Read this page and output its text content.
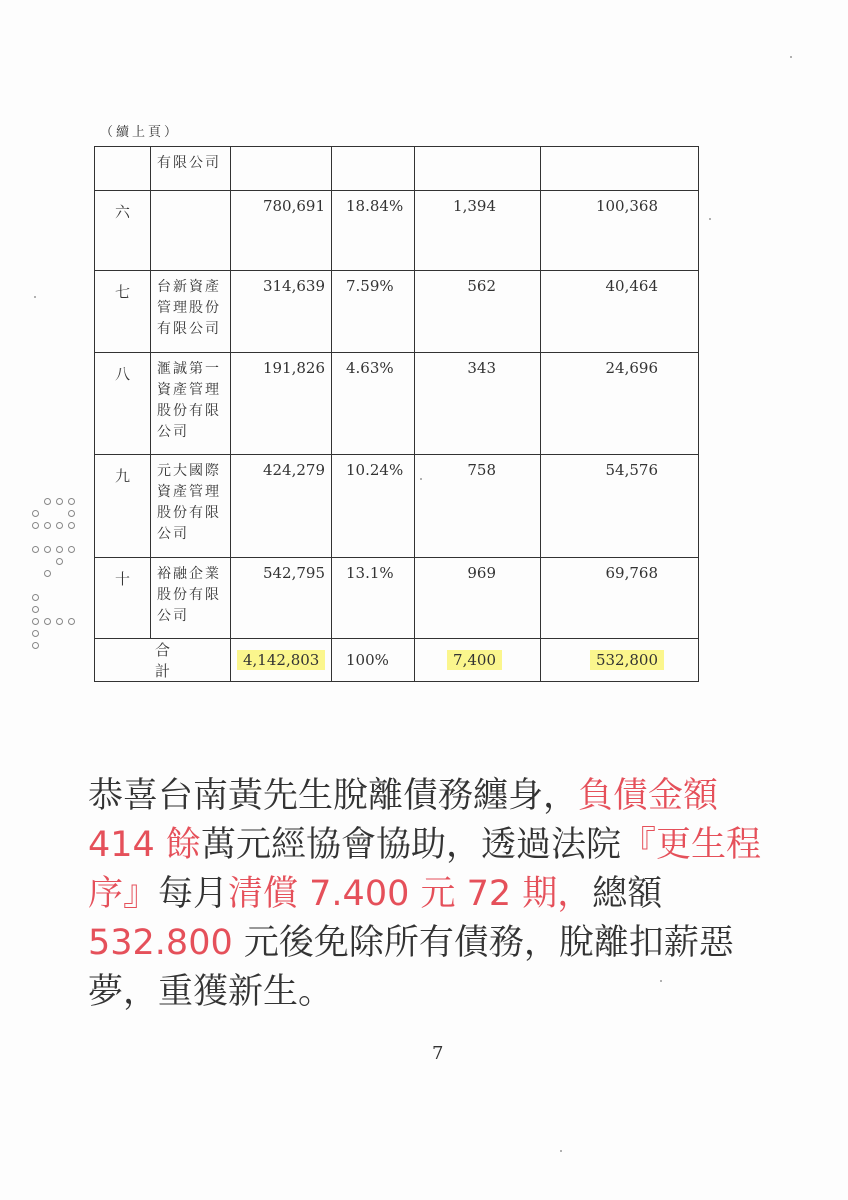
（續上頁）
	有限公司				
六		780,691	18.84%	1,394	100,368
七	台新資產管理股份有限公司	314,639	7.59%	562	40,464
八	滙誠第一資產管理股份有限公司	191,826	4.63%	343	24,696
九	元大國際資產管理股份有限公司	424,279	10.24%	758	54,576
十	裕融企業股份有限公司	542,795	13.1%	969	69,768
合計		4,142,803	100%	7,400	532,800
恭喜台南黃先生脫離債務纏身，負債金額 414 餘萬元經協會協助，透過法院『更生程序』每月清償 7.400 元 72 期，總額 532.800 元後免除所有債務，脫離扣薪惡夢，重獲新生。
7
